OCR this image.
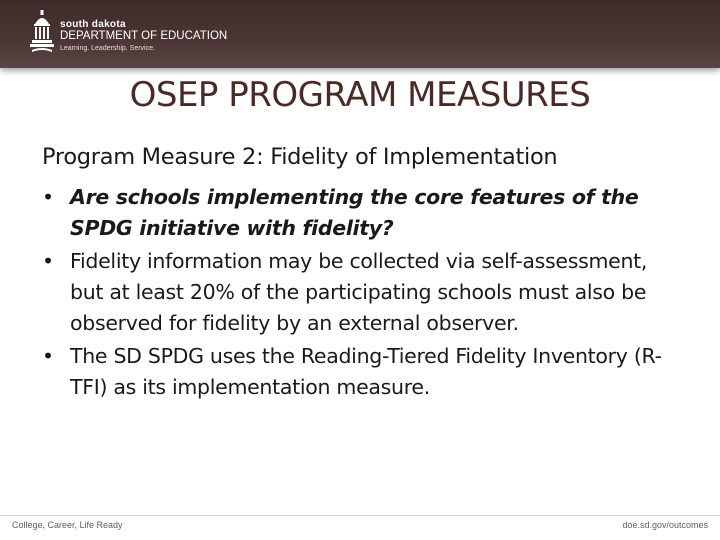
south dakota
DEPARTMENT OF EDUCATION
Learning. Leadership. Service.
OSEP PROGRAM MEASURES
Program Measure 2: Fidelity of Implementation
• Are schools implementing the core features of the SPDG initiative with fidelity?
• Fidelity information may be collected via self-assessment, but at least 20% of the participating schools must also be observed for fidelity by an external observer.
• The SD SPDG uses the Reading-Tiered Fidelity Inventory (R-TFI) as its implementation measure.
College, Career, Life Ready	doe.sd.gov/outcomes
